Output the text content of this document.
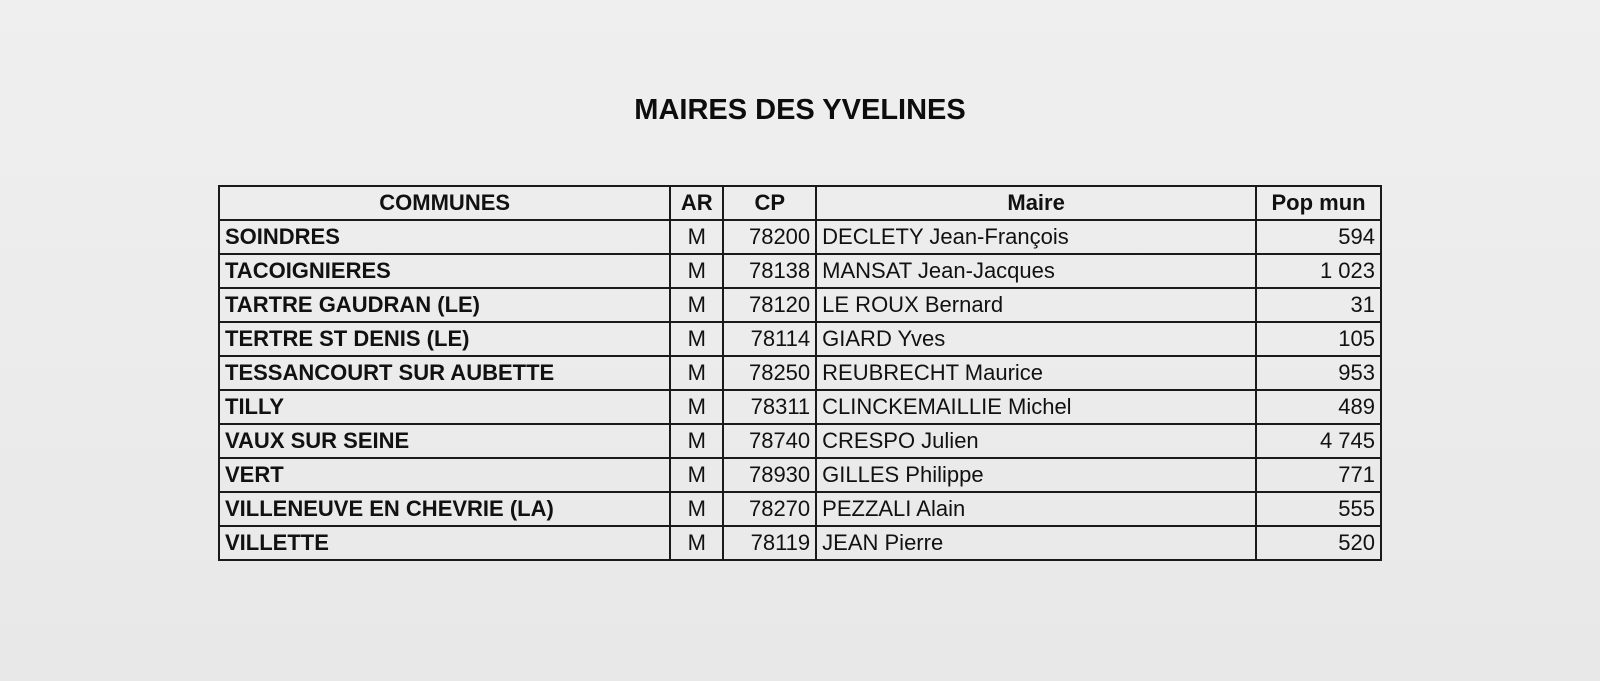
MAIRES DES YVELINES
COMMUNES	AR	CP	Maire	Pop mun
SOINDRES	M	78200	DECLETY Jean-François	594
TACOIGNIERES	M	78138	MANSAT Jean-Jacques	1 023
TARTRE GAUDRAN (LE)	M	78120	LE ROUX Bernard	31
TERTRE ST DENIS (LE)	M	78114	GIARD Yves	105
TESSANCOURT SUR AUBETTE	M	78250	REUBRECHT Maurice	953
TILLY	M	78311	CLINCKEMAILLIE Michel	489
VAUX SUR SEINE	M	78740	CRESPO Julien	4 745
VERT	M	78930	GILLES Philippe	771
VILLENEUVE EN CHEVRIE (LA)	M	78270	PEZZALI Alain	555
VILLETTE	M	78119	JEAN Pierre	520
